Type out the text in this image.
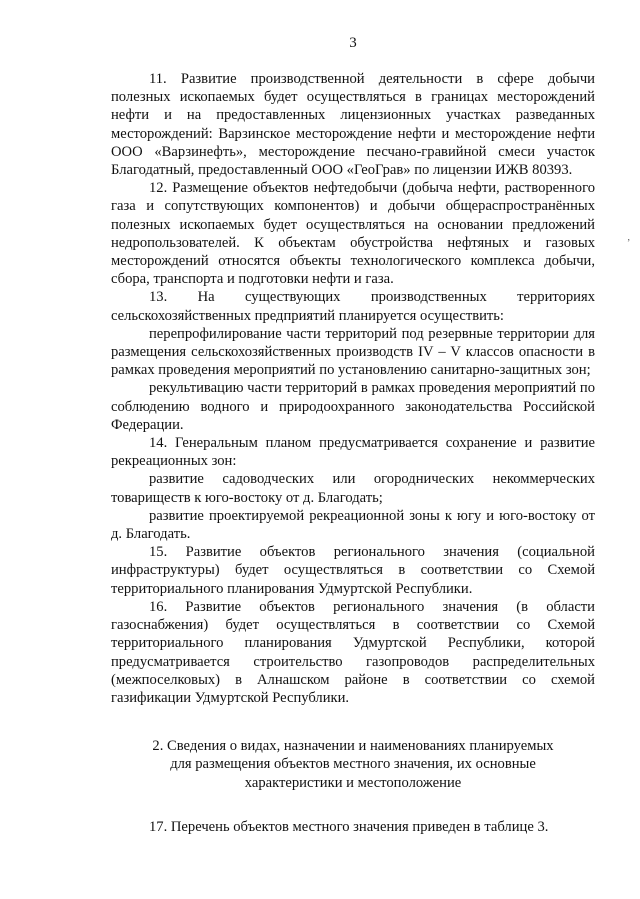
3

11. Развитие производственной деятельности в сфере добычи полезных ископаемых будет осуществляться в границах месторождений нефти и на предоставленных лицензионных участках разведанных месторождений: Варзинское месторождение нефти и месторождение нефти ООО «Варзинефть», месторождение песчано-гравийной смеси участок Благодатный, предоставленный ООО «ГеоГрав» по лицензии ИЖВ 80393.

12. Размещение объектов нефтедобычи (добыча нефти, растворенного газа и сопутствующих компонентов) и добычи общераспространённых полезных ископаемых будет осуществляться на основании предложений недропользователей. К объектам обустройства нефтяных и газовых месторождений относятся объекты технологического комплекса добычи, сбора, транспорта и подготовки нефти и газа.

13. На существующих производственных территориях сельскохозяйственных предприятий планируется осуществить:

перепрофилирование части территорий под резервные территории для размещения сельскохозяйственных производств IV – V классов опасности в рамках проведения мероприятий по установлению санитарно-защитных зон;

рекультивацию части территорий в рамках проведения мероприятий по соблюдению водного и природоохранного законодательства Российской Федерации.

14. Генеральным планом предусматривается сохранение и развитие рекреационных зон:

развитие садоводческих или огороднических некоммерческих товариществ к юго-востоку от д. Благодать;

развитие проектируемой рекреационной зоны к югу и юго-востоку от д. Благодать.

15. Развитие объектов регионального значения (социальной инфраструктуры) будет осуществляться в соответствии со Схемой территориального планирования Удмуртской Республики.

16. Развитие объектов регионального значения (в области газоснабжения) будет осуществляться в соответствии со Схемой территориального планирования Удмуртской Республики, которой предусматривается строительство газопроводов распределительных (межпоселковых) в Алнашском районе в соответствии со схемой газификации Удмуртской Республики.

2. Сведения о видах, назначении и наименованиях планируемых
для размещения объектов местного значения, их основные
характеристики и местоположение

17. Перечень объектов местного значения приведен в таблице 3.

‚
